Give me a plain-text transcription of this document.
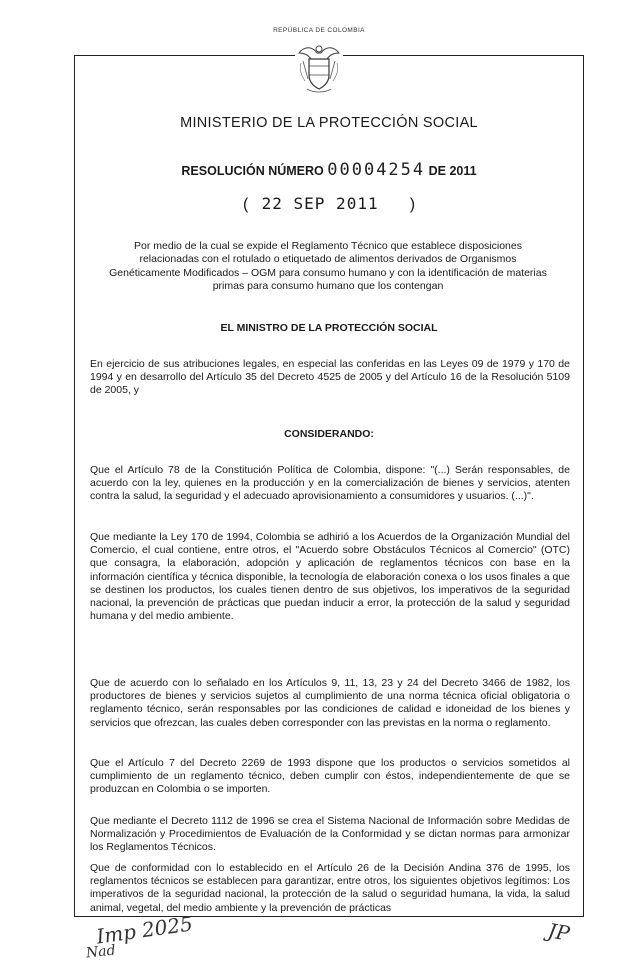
REPÚBLICA DE COLOMBIA
MINISTERIO DE LA PROTECCIÓN SOCIAL
RESOLUCIÓN NÚMERO 00004254 DE 2011
(   22 SEP 2011       )
Por medio de la cual se expide el Reglamento Técnico que establece disposiciones relacionadas con el rotulado o etiquetado de alimentos derivados de Organismos Genéticamente Modificados – OGM para consumo humano y con la identificación de materias primas para consumo humano que los contengan
EL MINISTRO DE LA PROTECCIÓN SOCIAL
En ejercicio de sus atribuciones legales, en especial las conferidas en las Leyes 09 de 1979 y 170 de 1994 y en desarrollo del Artículo 35 del Decreto 4525 de 2005 y del Artículo 16 de la Resolución 5109 de 2005, y
CONSIDERANDO:
Que el Artículo 78 de la Constitución Política de Colombia, dispone: "(...) Serán responsables, de acuerdo con la ley, quienes en la producción y en la comercialización de bienes y servicios, atenten contra la salud, la seguridad y el adecuado aprovisionamiento a consumidores y usuarios. (...)".
Que mediante la Ley 170 de 1994, Colombia se adhirió a los Acuerdos de la Organización Mundial del Comercio, el cual contiene, entre otros, el "Acuerdo sobre Obstáculos Técnicos al Comercio" (OTC) que consagra, la elaboración, adopción y aplicación de reglamentos técnicos con base en la información científica y técnica disponible, la tecnología de elaboración conexa o los usos finales a que se destinen los productos, los cuales tienen dentro de sus objetivos, los imperativos de la seguridad nacional, la prevención de prácticas que puedan inducir a error, la protección de la salud y seguridad humana y del medio ambiente.
Que de acuerdo con lo señalado en los Artículos 9, 11, 13, 23 y 24 del Decreto 3466 de 1982, los productores de bienes y servicios sujetos al cumplimiento de una norma técnica oficial obligatoria o reglamento técnico, serán responsables por las condiciones de calidad e idoneidad de los bienes y servicios que ofrezcan, las cuales deben corresponder con las previstas en la norma o reglamento.
Que el Artículo 7 del Decreto 2269 de 1993 dispone que los productos o servicios sometidos al cumplimiento de un reglamento técnico, deben cumplir con éstos, independientemente de que se produzcan en Colombia o se importen.
Que mediante el Decreto 1112 de 1996 se crea el Sistema Nacional de Información sobre Medidas de Normalización y Procedimientos de Evaluación de la Conformidad y se dictan normas para armonizar los Reglamentos Técnicos.
Que de conformidad con lo establecido en el Artículo 26 de la Decisión Andina 376 de 1995, los reglamentos técnicos se establecen para garantizar, entre otros, los siguientes objetivos legítimos: Los imperativos de la seguridad nacional, la protección de la salud o seguridad humana, la vida, la salud animal, vegetal, del medio ambiente y la prevención de prácticas
Imp 2025
Nad
JP
